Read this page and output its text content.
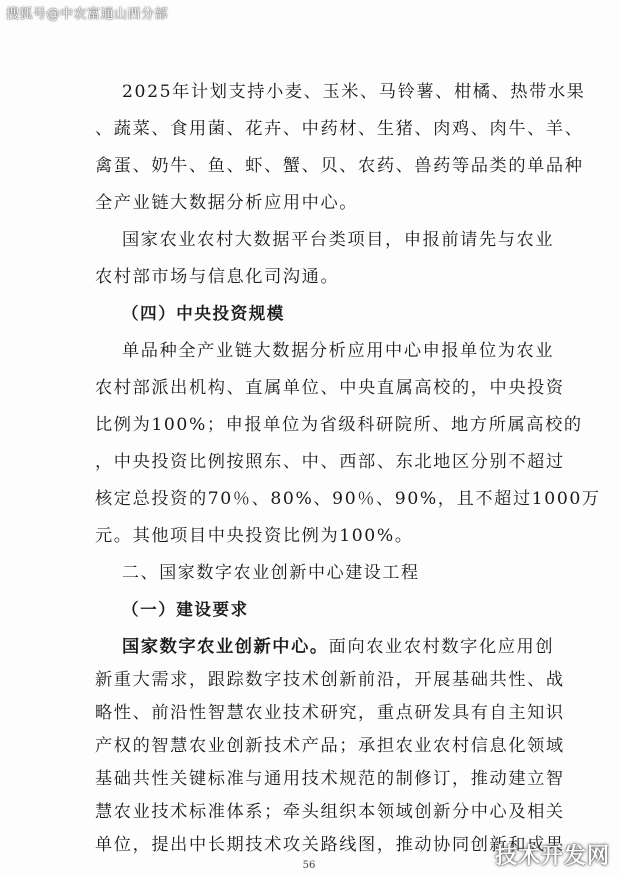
搜狐号@中农富通山西分部
2025年计划支持小麦、玉米、马铃薯、柑橘、热带水果
、蔬菜、食用菌、花卉、中药材、生猪、肉鸡、肉牛、羊、
禽蛋、奶牛、鱼、虾、蟹、贝、农药、兽药等品类的单品种
全产业链大数据分析应用中心。
国家农业农村大数据平台类项目，申报前请先与农业
农村部市场与信息化司沟通。
（四）中央投资规模
单品种全产业链大数据分析应用中心申报单位为农业
农村部派出机构、直属单位、中央直属高校的，中央投资
比例为100%；申报单位为省级科研院所、地方所属高校的
，中央投资比例按照东、中、西部、东北地区分别不超过
核定总投资的70％、80%、90％、90%，且不超过1000万
元。其他项目中央投资比例为100%。
二、国家数字农业创新中心建设工程
（一）建设要求
国家数字农业创新中心。面向农业农村数字化应用创
新重大需求，跟踪数字技术创新前沿，开展基础共性、战
略性、前沿性智慧农业技术研究，重点研发具有自主知识
产权的智慧农业创新技术产品；承担农业农村信息化领域
基础共性关键标准与通用技术规范的制修订，推动建立智
慧农业技术标准体系；牵头组织本领域创新分中心及相关
单位，提出中长期技术攻关路线图，推动协同创新和成果
56	技术开发网
